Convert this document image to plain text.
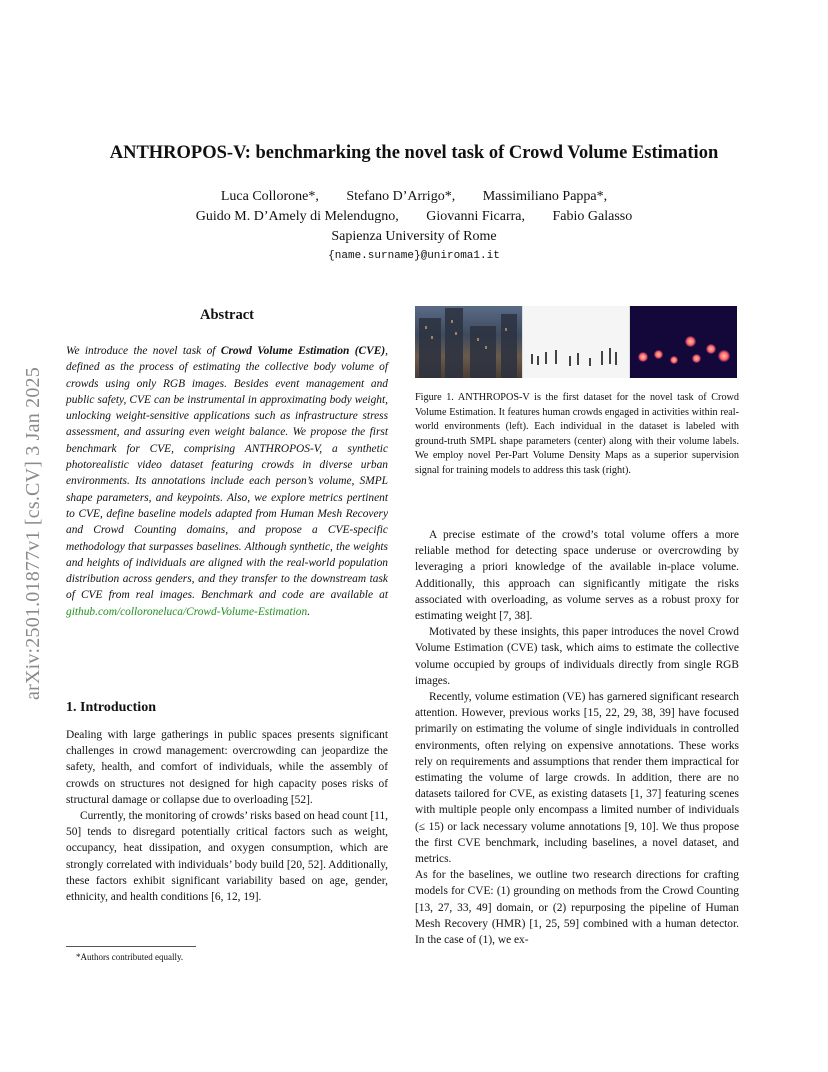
arXiv:2501.01877v1 [cs.CV] 3 Jan 2025
ANTHROPOS-V: benchmarking the novel task of Crowd Volume Estimation
Luca Collorone*, Stefano D’Arrigo*, Massimiliano Pappa*,
Guido M. D’Amely di Melendugno, Giovanni Ficarra, Fabio Galasso
Sapienza University of Rome
{name.surname}@uniroma1.it
Abstract
We introduce the novel task of Crowd Volume Estimation (CVE), defined as the process of estimating the collective body volume of crowds using only RGB images. Besides event management and public safety, CVE can be instrumental in approximating body weight, unlocking weight-sensitive applications such as infrastructure stress assessment, and assuring even weight balance. We propose the first benchmark for CVE, comprising ANTHROPOS-V, a synthetic photorealistic video dataset featuring crowds in diverse urban environments. Its annotations include each person’s volume, SMPL shape parameters, and keypoints. Also, we explore metrics pertinent to CVE, define baseline models adapted from Human Mesh Recovery and Crowd Counting domains, and propose a CVE-specific methodology that surpasses baselines. Although synthetic, the weights and heights of individuals are aligned with the real-world population distribution across genders, and they transfer to the downstream task of CVE from real images. Benchmark and code are available at github.com/colloroneluca/Crowd-Volume-Estimation.
1. Introduction

Dealing with large gatherings in public spaces presents significant challenges in crowd management: overcrowding can jeopardize the safety, health, and comfort of individuals, while the assembly of crowds on structures not designed for high capacity poses risks of structural damage or collapse due to overloading [52].

Currently, the monitoring of crowds’ risks based on head count [11, 50] tends to disregard potentially critical factors such as weight, occupancy, heat dissipation, and oxygen consumption, which are strongly correlated with individuals’ body build [20, 52]. Additionally, these factors exhibit significant variability based on age, gender, ethnicity, and health conditions [6, 12, 19].

*Authors contributed equally.
Figure 1. ANTHROPOS-V is the first dataset for the novel task of Crowd Volume Estimation. It features human crowds engaged in activities within real-world environments (left). Each individual in the dataset is labeled with ground-truth SMPL shape parameters (center) along with their volume labels. We employ novel Per-Part Volume Density Maps as a superior supervision signal for training models to address this task (right).

A precise estimate of the crowd’s total volume offers a more reliable method for detecting space underuse or overcrowding by leveraging a priori knowledge of the available in-place volume. Additionally, this approach can significantly mitigate the risks associated with overloading, as volume serves as a robust proxy for estimating weight [7, 38].

Motivated by these insights, this paper introduces the novel Crowd Volume Estimation (CVE) task, which aims to estimate the collective volume occupied by groups of individuals directly from single RGB images.

Recently, volume estimation (VE) has garnered significant research attention. However, previous works [15, 22, 29, 38, 39] have focused primarily on estimating the volume of single individuals in controlled environments, often relying on expensive annotations. These works rely on requirements and assumptions that render them impractical for estimating the volume of large crowds. In addition, there are no datasets tailored for CVE, as existing datasets [1, 37] featuring scenes with multiple people only encompass a limited number of individuals (≤ 15) or lack necessary volume annotations [9, 10]. We thus propose the first CVE benchmark, including baselines, a novel dataset, and metrics.

As for the baselines, we outline two research directions for crafting models for CVE: (1) grounding on methods from the Crowd Counting [13, 27, 33, 49] domain, or (2) repurposing the pipeline of Human Mesh Recovery (HMR) [1, 25, 59] combined with a human detector. In the case of (1), we ex-
